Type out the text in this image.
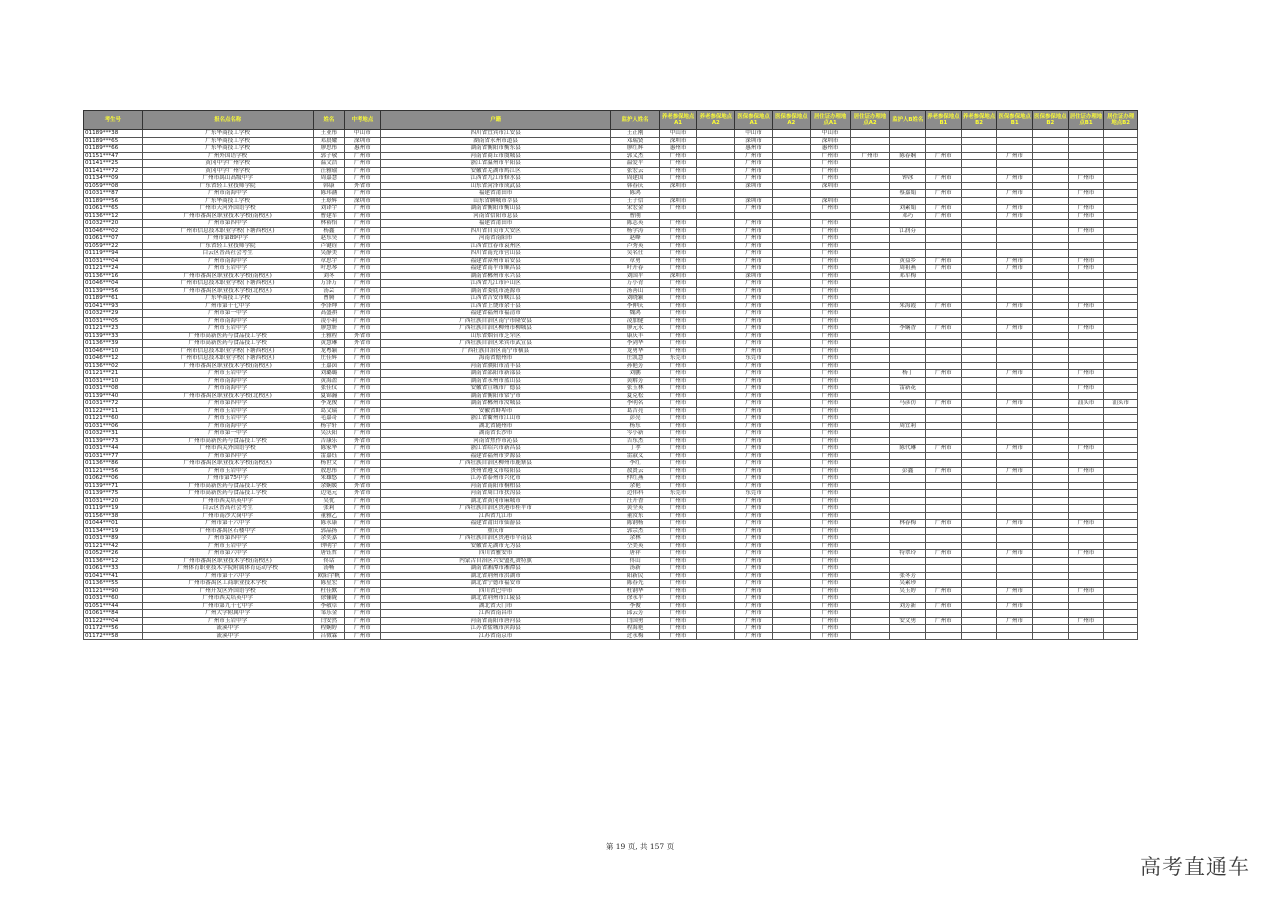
考生号	报名点名称	姓名	中考地点	户籍	监护人姓名	养老参保地点A1	养老参保地点A2	医保参保地点A1	医保参保地点A2	居住证办理地点A1	居住证办理地点A2	监护人B姓名	养老参保地点B1	养老参保地点B2	医保参保地点B1	医保参保地点B2	居住证办理地点B1	居住证办理地点B2
01189***38	广东华商技工学校	王亚彤	中山市	四川省宜宾市江安县	王正刚	中山市		中山市		中山市								
01189***65	广东华商技工学校	邓晨耀	深圳市	湖南省永州市道县	邓瑞贤	深圳市		深圳市		深圳市								
01189***66	广东华商技工学校	廖思彤	惠州市	湖南省衡阳市衡东县	廖红辉	惠州市		惠州市		惠州市								
01151***47	广州外国语学校	郭子敬	广州市	河南省商丘市虞城县	郭义杰	广州市		广州市		广州市	广州市	陈春娴	广州市		广州市			
01141***25	黄冈中学广州学校	温文浩	广州市	浙江省温州市平阳县	温爱平	广州市		广州市		广州市								
01141***72	黄冈中学广州学校	汪雅瑜	广州市	安徽省芜湖市鸠江区	张宏云	广州市		广州市		广州市								
01134***09	广州市禺山高级中学	周嘉慧	广州市	江西省九江市修水县	周建国	广州市		广州市		广州市		钟冰	广州市		广州市		广州市	
01059***08	广东省轻工业技师学院	韩康	外省市	山东省菏泽市成武县	韩春庆	深圳市		深圳市		深圳市								
01031***87	广州市南海中学	陈玮涵	广州市	福建省莆田市	陈鸿							蔡嘉娟	广州市		广州市		广州市	
01189***56	广东华商技工学校	王璟辉	深圳市	山东省聊城市莘县	王子信	深圳市		深圳市		深圳市								
01061***65	广州市天河外国语学校	刘译宇	广州市	湖南省衡阳市衡山县	宋宏金	广州市		广州市		广州市		刘素娟	广州市		广州市		广州市	
01136***12	广州市番禺区职业技术学校(南校区)	曹建军	广州市	河南省信阳市息县	曹刚							邓巧	广州市		广州市		广州市	
01032***20	广州市第四中学	林裕怡	广州市	福建省莆田市	陈志英	广州市		广州市		广州市								
01046***02	广州市信息技术职业学校(下塘西校区)	杨鑫	广州市	四川省自贡市大安区	杨学涛	广州市		广州市		广州市		江润芬					广州市	
01061***07	广州市第89中学	赵东昊	广州市	河南省南阳市	赵峰	广州市		广州市		广州市								
01059***22	广东省轻工业技师学院	卢键铨	广州市	江西省宜春市袁州区	卢秀英	广州市		广州市		广州市								
01119***94	白云区普高社会考生	吴静美	广州市	四川省南充市营山县	吴名仕	广州市		广州市		广州市								
01031***04	广州市南海中学	章思宇	广州市	福建省漳州市诏安县	章勇	广州市		广州市		广州市		黄益乡	广州市		广州市		广州市	
01121***24	广州市玉岩中学	叶思琴	广州市	福建省南平市顺昌县	叶开春	广州市		广州市		广州市		周祖燕	广州市		广州市		广州市	
01136***16	广州市番禺区职业技术学校(南校区)	刘冬	广州市	湖南省郴州市永兴县	刘国平	深圳市		深圳市		广州市		邓军梅						
01046***04	广州市信息技术职业学校(下塘西校区)	万泽万	广州市	江西省九江市庐山区	万小青	广州市		广州市		广州市								
01139***56	广州市番禺区职业技术学校(北校区)	汤芸	广州市	湖南省娄底市涟源市	汤善山	广州市		广州市		广州市								
01189***61	广东华商技工学校	曹腾	广州市	江西省吉安市峡江县	刘晓颖	广州市		广州市		广州市								
01041***93	广州市第十七中学	李泽坤	广州市	江西省上饶市余干县	李伸庆	广州市		广州市		广州市		朱海霞	广州市		广州市		广州市	
01032***29	广州市第一中学	高盛祺	广州市	福建省福州市福清市	魏鸿	广州市		广州市		广州市								
01031***05	广州市南海中学	凌小莉	广州市	广西壮族自治区南宁市隆安县	凌加健	广州市		广州市		广州市								
01121***23	广州市玉岩中学	廖慧妍	广州市	广西壮族自治区柳州市柳城县	廖元永	广州市		广州市		广州市		李娴香	广州市		广州市		广州市	
01139***33	广州市高新医药与食品技工学校	王雅程	外省市	山东省烟台市芝罘区	康庆丰	广州市		广州市		广州市								
01136***39	广州市高新医药与食品技工学校	黄慧琳	外省市	广西壮族自治区来宾市武宣县	李剑华	广州市		广州市		广州市								
01046***10	广州市信息技术职业学校(下塘西校区)	龙粤颖	广州市	广西壮族自治区南宁市横县	龙勇华	广州市		广州市		广州市								
01046***12	广州市信息技术职业学校(下塘西校区)	庄佳辉	广州市	海南省儋州市	庄凯慧	东莞市		东莞市		广州市								
01136***02	广州市番禺区职业技术学校(南校区)	王嘉茵	广州市	河南省濮阳市清丰县	孙艳芳	广州市		广州市		广州市								
01121***21	广州市玉岩中学	刘璐璐	广州市	湖南省邵阳市新邵县	刘鹏	广州市		广州市		广州市		杨丁	广州市		广州市		广州市	
01031***10	广州市南海中学	黄海盈	广州市	湖南省永州市蓝山县	黄解芳	广州市		广州市		广州市								
01031***08	广州市南海中学	张佳仪	广州市	安徽省宣城市广德县	张玉林	广州市		广州市		广州市		雷新花					广州市	
01139***40	广州市番禺区职业技术学校(北校区)	夏锦瀚	广州市	湖南省衡阳市常宁市	夏克松	广州市		广州市		广州市								
01031***72	广州市第四中学	李龙俊	广州市	湖南省郴州市汝城县	李明名	广州市		广州市		广州市		马彦彷	广州市		广州市		汕头市	汕头市
01122***11	广州市玉岩中学	葛文瑞	广州市	安徽省蚌埠市	葛吉亮	广州市		广州市		广州市								
01121***60	广州市玉岩中学	毛嘉奇	广州市	浙江省衢州市江山市	彭亮	广州市		广州市		广州市								
01031***06	广州市南海中学	杨宇轩	广州市	湖北省随州市	杨东	广州市		广州市		广州市		周宜莉						
01032***31	广州市第一中学	吴沃阳	广州市	湖南省长沙市	岑小新	广州市		广州市		广州市								
01139***73	广州市高新医药与食品技工学校	吉康乐	外省市	河南省焦作市沁县	吉东杰	广州市		广州市		广州市								
01031***44	广州市西关外国语学校	陈家华	广州市	浙江省绍兴市新昌县	丁孝	广州市		广州市		广州市		陈代琳	广州市		广州市		广州市	
01031***77	广州市第四中学	雷嘉钰	广州市	福建省福州市罗源县	雷淑义	广州市		广州市		广州市								
01136***86	广州市番禺区职业技术学校(南校区)	杨世文	广州市	广西壮族自治区柳州市鹿寨县	李红	广州市		广州市		广州市								
01121***56	广州市玉岩中学	敖思彤	广州市	贵州省遵义市绥阳县	敖贤云	广州市		广州市		广州市		彭鑫	广州市		广州市		广州市	
01062***06	广州市第75中学	朱雄悠	广州市	江苏省泰州市兴化市	仲红燕	广州市		广州市		广州市								
01139***71	广州市高新医药与食品技工学校	余娴媛	外省市	河南省南阳市桐柏县	余艳	广州市		广州市		广州市								
01139***75	广州市高新医药与食品技工学校	边笔元	外省市	河南省周口市扶沟县	边伟科	东莞市		东莞市		广州市								
01031***20	广州市西关培英中学	吴优	广州市	湖北省黄冈市麻城市	汪开香	广州市		广州市		广州市								
01119***19	白云区普高社会考生	张莉	广州市	广西壮族自治区贵港市桂平市	黄全英	广州市		广州市		广州市								
01156***38	广州市南沙大岗中学	董雅乙	广州市	江西省九江市	董汝东	广州市		广州市		广州市								
01044***01	广州市第十六中学	陈永康	广州市	福建省莆田市仙游县	陈钢杨	广州市		广州市		广州市		林春梅	广州市		广州市		广州市	
01134***19	广州市番禺区石楼中学	郭晶扬	广州市	重庆市	郭宗杰	广州市		广州市		广州市								
01031***89	广州市第四中学	余奕嘉	广州市	广西壮族自治区贵港市平南县	余林	广州市		广州市		广州市								
01121***42	广州市玉岩中学	钟明宇	广州市	安徽省芜湖市无为县	仝美英	广州市		广州市		广州市								
01052***26	广州市第六中学	唐钰哲	广州市	四川省雅安市	唐祥	广州市		广州市		广州市		特翠玲	广州市		广州市		广州市	
01136***12	广州市番禺区职业技术学校(南校区)	佟话	广州市	内蒙古自治区兴安盟扎赉特旗	佟山	广州市		广州市		广州市								
01061***33	广州体育职业技术学院附属体育运动学校	汤畅	广州市	湖南省湘潭市湘潭县	汤新	广州市		广州市		广州市								
01041***41	广州市第十六中学	欧阳宇帆	广州市	湖北省荆州市洪湖市	阳新民	广州市		广州市		广州市		张冬芳						
01136***55	广州市番禺区工商职业技术学校	陈星宏	广州市	湖北省宁德市福安市	陈春光	广州市		广州市		广州市		吴素珍						
01121***90	广州开发区外国语学校	杜佳默	广州市	四川省巴中市	杜钢华	广州市		广州市		广州市		吴玉婷	广州市		广州市		广州市	
01031***60	广州市西关培英中学	徐俪陇	广州市	湖北省荆州市江陵县	徐永平	广州市		广州市		广州市								
01051***44	广州市第九十七中学	李敬卓	广州市	湖北省天门市	李俊	广州市		广州市		广州市		刘芳新	广州市		广州市			
01061***84	广州大学附属中学	邹乐金	广州市	江西省南昌市	邱云芳	广州市		广州市		广州市								
01122***04	广州市玉岩中学	闫安然	广州市	河南省南阳市唐河县	闫国勇	广州市		广州市		广州市		安文勇	广州市		广州市		广州市	
01172***56	流溪中学	程娴婷	广州市	江苏省盐城市滨海县	程海艳	广州市		广州市		广州市								
01172***58	流溪中学	吕徵霖	广州市	江苏省南京市	过永梅	广州市		广州市		广州市								
第 19 页, 共 157 页
高考直通车
